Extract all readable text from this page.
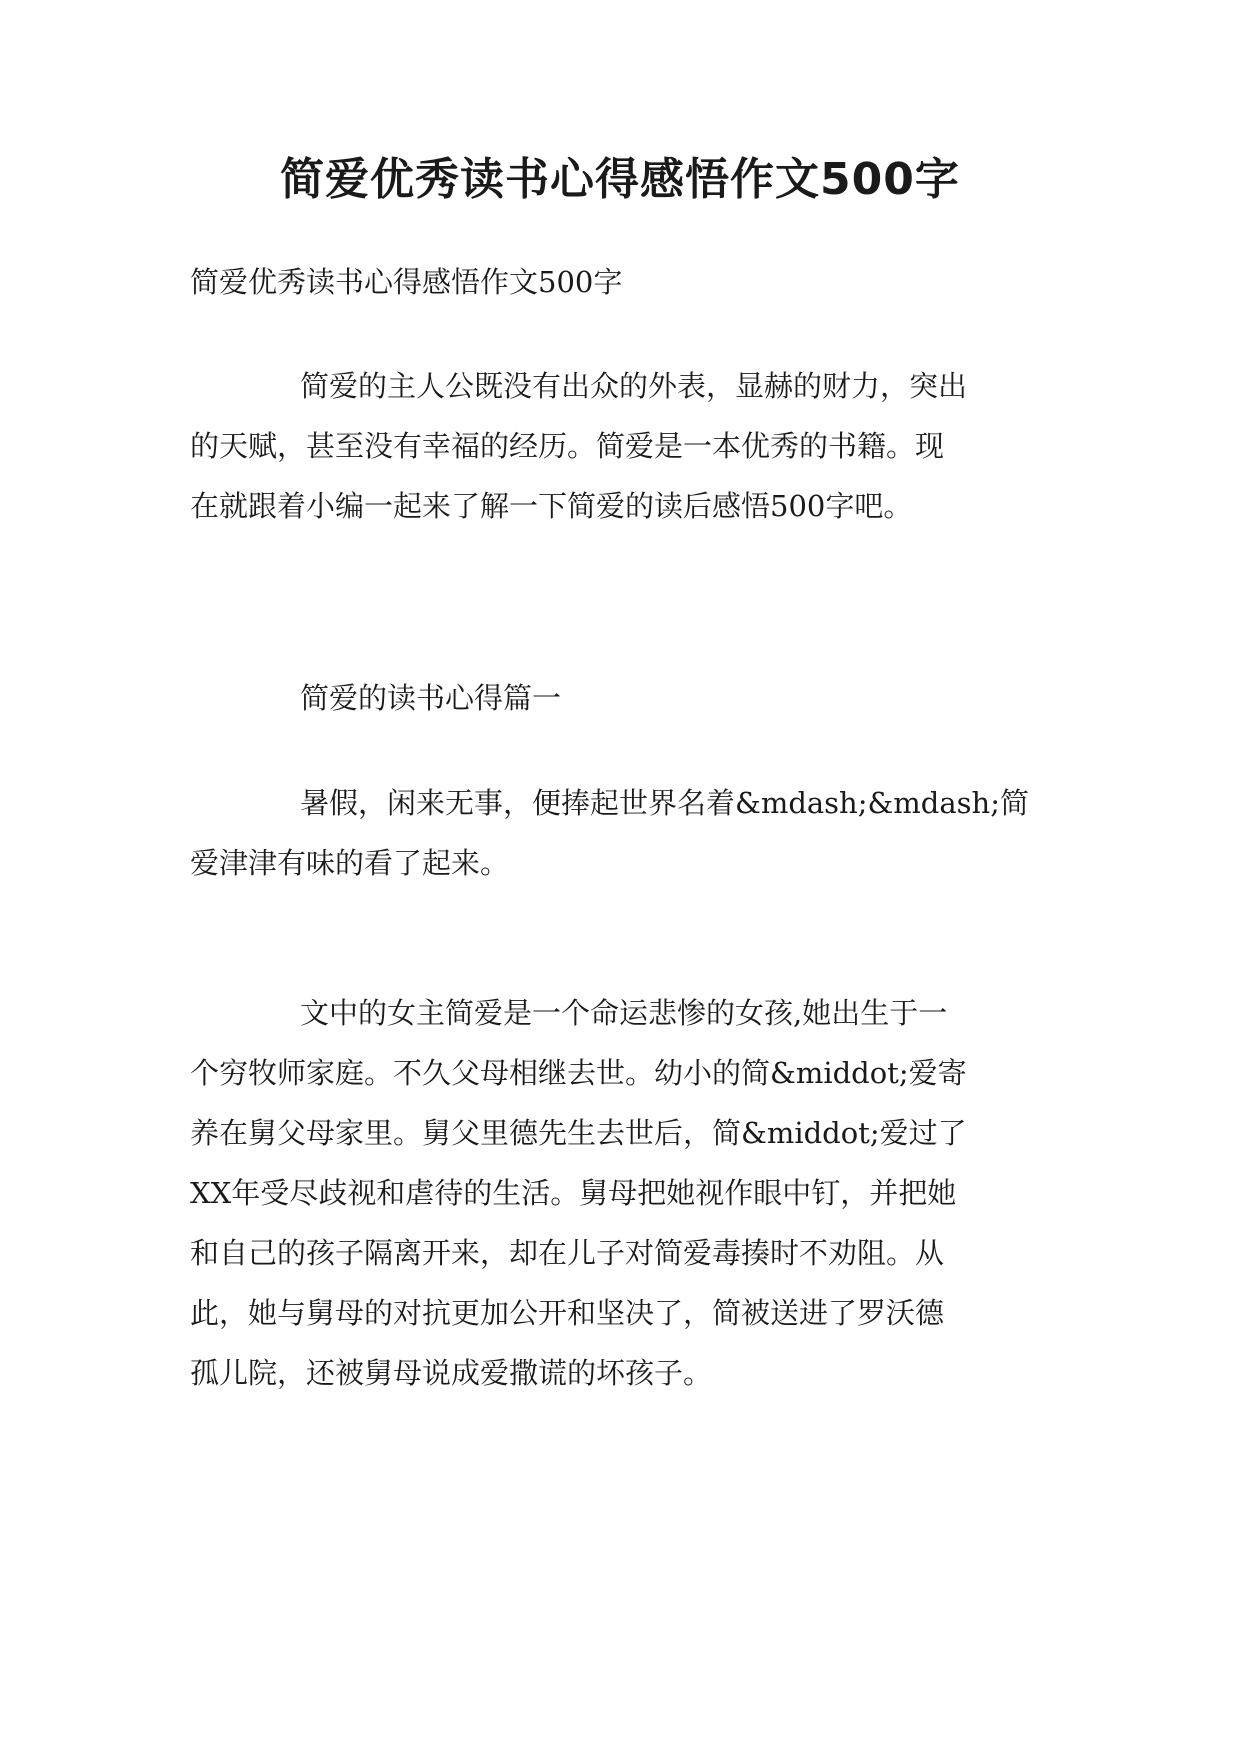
简爱优秀读书心得感悟作文500字

简爱优秀读书心得感悟作文500字

简爱的主人公既没有出众的外表，显赫的财力，突出
的天赋，甚至没有幸福的经历。简爱是一本优秀的书籍。现
在就跟着小编一起来了解一下简爱的读后感悟500字吧。
简爱的读书心得篇一
暑假，闲来无事，便捧起世界名着&mdash;&mdash;简
爱津津有味的看了起来。
文中的女主简爱是一个命运悲惨的女孩,她出生于一
个穷牧师家庭。不久父母相继去世。幼小的简&middot;爱寄
养在舅父母家里。舅父里德先生去世后，简&middot;爱过了
XX年受尽歧视和虐待的生活。舅母把她视作眼中钉，并把她
和自己的孩子隔离开来，却在儿子对简爱毒揍时不劝阻。从
此，她与舅母的对抗更加公开和坚决了，简被送进了罗沃德
孤儿院，还被舅母说成爱撒谎的坏孩子。
